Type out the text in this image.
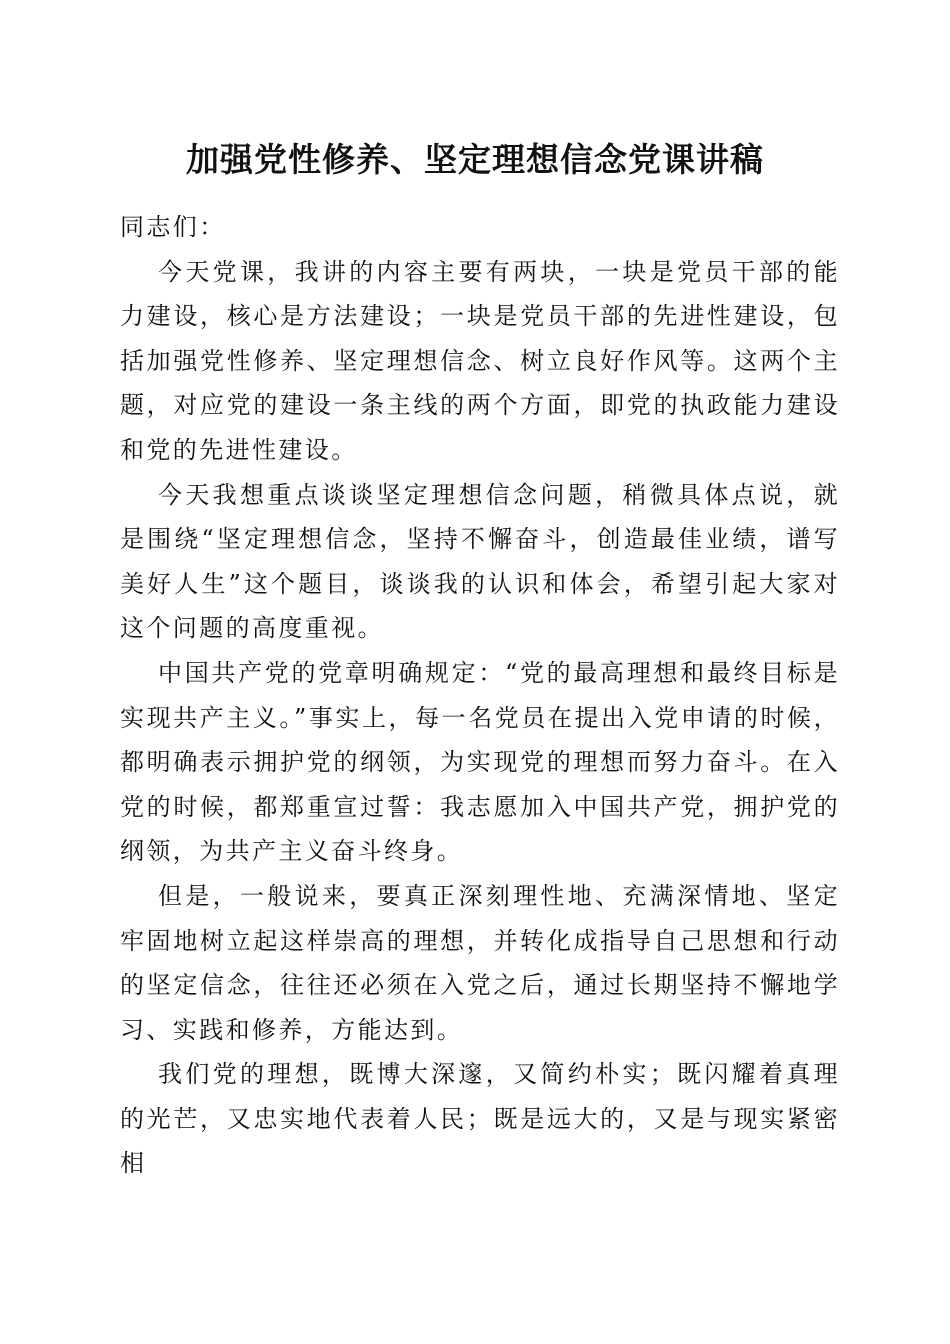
加强党性修养、坚定理想信念党课讲稿

同志们：

今天党课，我讲的内容主要有两块，一块是党员干部的能力建设，核心是方法建设；一块是党员干部的先进性建设，包括加强党性修养、坚定理想信念、树立良好作风等。这两个主题，对应党的建设一条主线的两个方面，即党的执政能力建设和党的先进性建设。

今天我想重点谈谈坚定理想信念问题，稍微具体点说，就是围绕“坚定理想信念，坚持不懈奋斗，创造最佳业绩，谱写美好人生”这个题目，谈谈我的认识和体会，希望引起大家对这个问题的高度重视。

中国共产党的党章明确规定：“党的最高理想和最终目标是实现共产主义。”事实上，每一名党员在提出入党申请的时候，都明确表示拥护党的纲领，为实现党的理想而努力奋斗。在入党的时候，都郑重宣过誓：我志愿加入中国共产党，拥护党的纲领，为共产主义奋斗终身。

但是，一般说来，要真正深刻理性地、充满深情地、坚定牢固地树立起这样崇高的理想，并转化成指导自己思想和行动的坚定信念，往往还必须在入党之后，通过长期坚持不懈地学习、实践和修养，方能达到。

我们党的理想，既博大深邃，又简约朴实；既闪耀着真理的光芒，又忠实地代表着人民；既是远大的，又是与现实紧密相
